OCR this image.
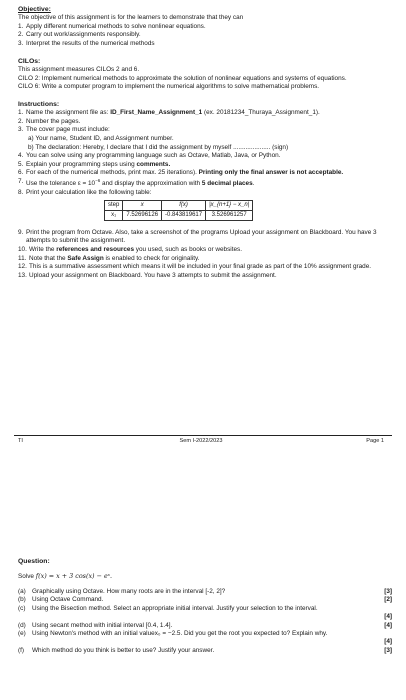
Objective:
The objective of this assignment is for the learners to demonstrate that they can
1. Apply different numerical methods to solve nonlinear equations.
2. Carry out work/assignments responsibly.
3. Interpret the results of the numerical methods
CILOs:
This assignment measures CILOs 2 and 6.
CILO 2: Implement numerical methods to approximate the solution of nonlinear equations and systems of equations.
CILO 6: Write a computer program to implement the numerical algorithms to solve mathematical problems.
Instructions:
1. Name the assignment file as: ID_First_Name_Assignment_1 (ex. 20181234_Thuraya_Assignment_1).
2. Number the pages.
3. The cover page must include:
a) Your name, Student ID, and Assignment number.
b) The declaration: Hereby, I declare that I did the assignment by myself ..................... (sign)
4. You can solve using any programming language such as Octave, Matlab, Java, or Python.
5. Explain your programming steps using comments.
6. For each of the numerical methods, print max. 25 iterations). Printing only the final answer is not acceptable.
7. Use the tolerance $\varepsilon = 10^{-6}$ and display the approximation with 5 decimal places.
8. Print your calculation like the following table:
step	x	f(x)	|x_{n+1} − x_n|
x₁	7.52696126	-0.843819617	3.526961257
9. Print the program from Octave. Also, take a screenshot of the programs Upload your assignment on Blackboard. You have 3 attempts to submit the assignment.
10. Write the references and resources you used, such as books or websites.
11. Note that the Safe Assign is enabled to check for originality.
12. This is a summative assessment which means it will be included in your final grade as part of the 10% assignment grade.
13. Upload your assignment on Blackboard. You have 3 attempts to submit the assignment.
TI	Sem I-2022/2023	Page 1
Question:
Solve f(x) = x + 3 cos(x) − eˣ.
(a) Graphically using Octave. How many roots are in the interval [-2, 2]?	[3]
(b) Using Octave Command.	[2]
(c)	Using the Bisection method. Select an appropriate initial interval. Justify your selection to the interval.
[4]
(d) Using secant method with initial interval [0.4, 1.4].	[4]
(e) Using Newton's method with an initial valuex₀ = −2.5. Did you get the root you expected to? Explain why.
[4]
(f)	Which method do you think is better to use? Justify your answer.	[3]
